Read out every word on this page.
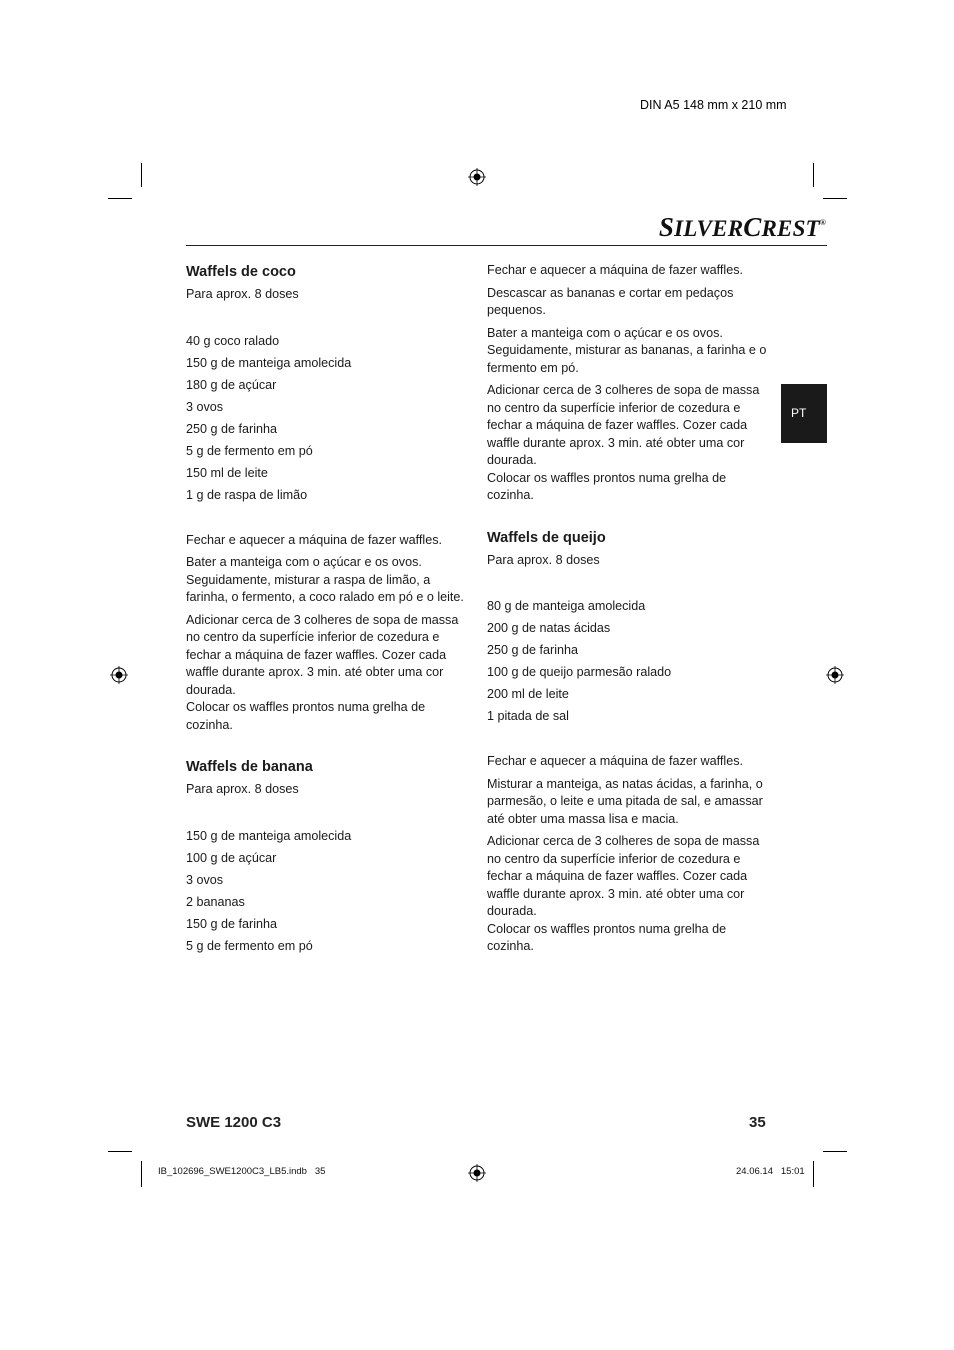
DIN A5 148 mm x 210 mm
SILVERCREST®
PT
Waffels de coco

Para aprox. 8 doses

40 g coco ralado
150 g de manteiga amolecida
180 g de açúcar
3 ovos
250 g de farinha
5 g de fermento em pó
150 ml de leite
1 g de raspa de limão

Fechar e aquecer a máquina de fazer waffles.

Bater a manteiga com o açúcar e os ovos. Seguidamente, misturar a raspa de limão, a farinha, o fermento, a coco ralado em pó e o leite.

Adicionar cerca de 3 colheres de sopa de massa no centro da superfície inferior de cozedura e fechar a máquina de fazer waffles. Cozer cada waffle durante aprox. 3 min. até obter uma cor dourada.

Colocar os waffles prontos numa grelha de cozinha.

Waffels de banana

Para aprox. 8 doses

150 g de manteiga amolecida
100 g de açúcar
3 ovos
2 bananas
150 g de farinha
5 g de fermento em pó

Fechar e aquecer a máquina de fazer waffles.

Descascar as bananas e cortar em pedaços pequenos.

Bater a manteiga com o açúcar e os ovos. Seguidamente, misturar as bananas, a farinha e o fermento em pó.

Adicionar cerca de 3 colheres de sopa de massa no centro da superfície inferior de cozedura e fechar a máquina de fazer waffles. Cozer cada waffle durante aprox. 3 min. até obter uma cor dourada.

Colocar os waffles prontos numa grelha de cozinha.

Waffels de queijo

Para aprox. 8 doses

80 g de manteiga amolecida
200 g de natas ácidas
250 g de farinha
100 g de queijo parmesão ralado
200 ml de leite
1 pitada de sal

Fechar e aquecer a máquina de fazer waffles.

Misturar a manteiga, as natas ácidas, a farinha, o parmesão, o leite e uma pitada de sal, e amassar até obter uma massa lisa e macia.

Adicionar cerca de 3 colheres de sopa de massa no centro da superfície inferior de cozedura e fechar a máquina de fazer waffles. Cozer cada waffle durante aprox. 3 min. até obter uma cor dourada.

Colocar os waffles prontos numa grelha de cozinha.

SWE 1200 C3	35
IB_102696_SWE1200C3_LB5.indb   35	24.06.14   15:01
